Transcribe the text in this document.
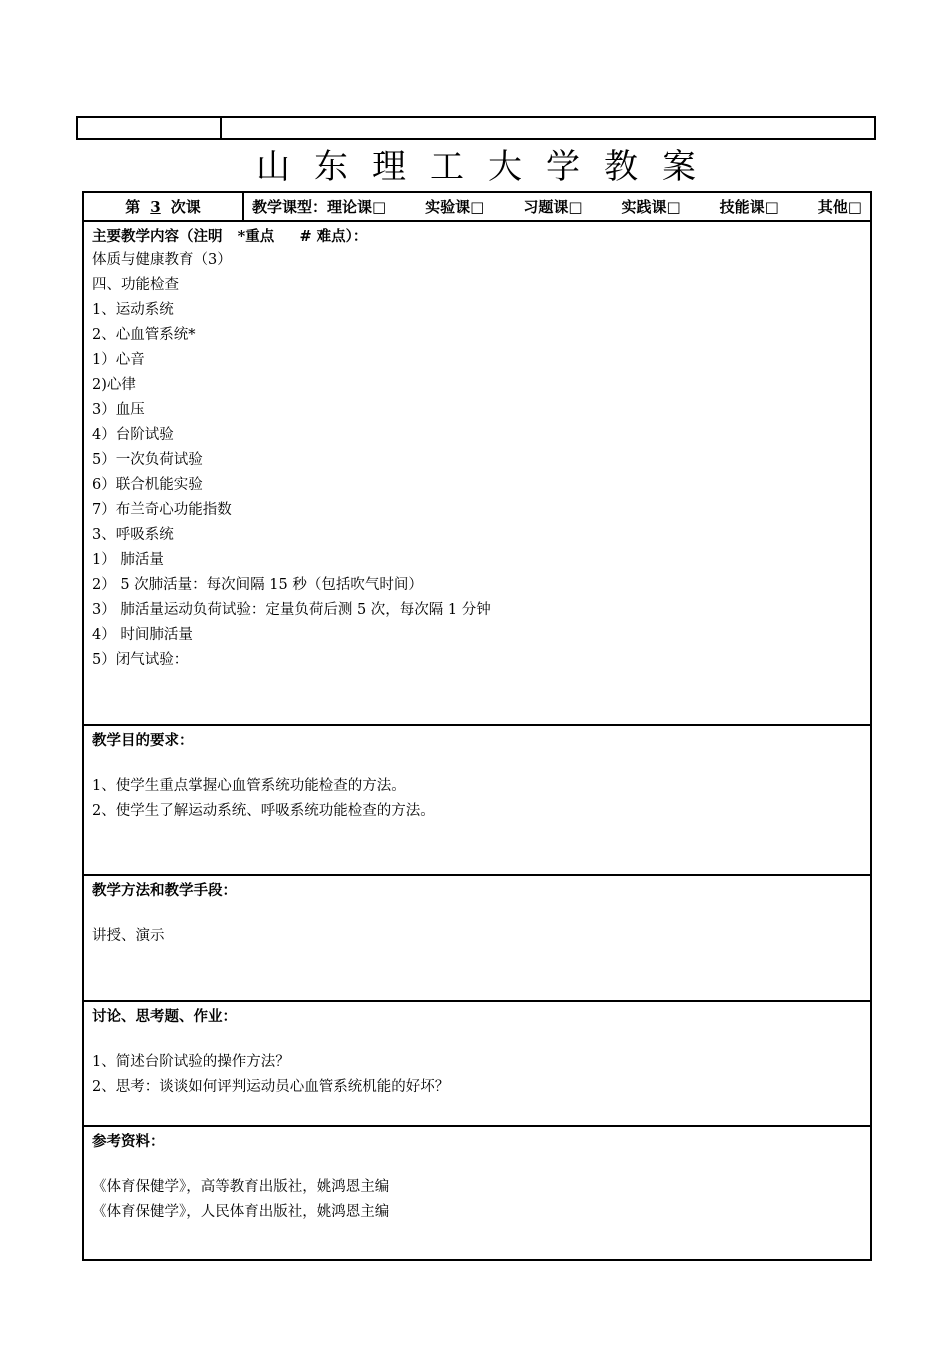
山东理工大学教案
第 3 次课	教学课型：理论课□	实验课□	习题课□	实践课□	技能课□	其他□
主要教学内容（注明   *重点     # 难点）：
体质与健康教育（3）
四、功能检查
1、运动系统
2、心血管系统*
1）心音
2)心律
3）血压
4）台阶试验
5）一次负荷试验
6）联合机能实验
7）布兰奇心功能指数
3、呼吸系统
1） 肺活量
2） 5 次肺活量：每次间隔 15 秒（包括吹气时间）
3） 肺活量运动负荷试验：定量负荷后测 5 次，每次隔 1 分钟
4） 时间肺活量
5）闭气试验：
教学目的要求：
1、使学生重点掌握心血管系统功能检查的方法。
2、使学生了解运动系统、呼吸系统功能检查的方法。
教学方法和教学手段：
讲授、演示
讨论、思考题、作业：
1、简述台阶试验的操作方法？
2、思考：谈谈如何评判运动员心血管系统机能的好坏？
参考资料：
《体育保健学》，高等教育出版社，姚鸿恩主编
《体育保健学》，人民体育出版社，姚鸿恩主编
